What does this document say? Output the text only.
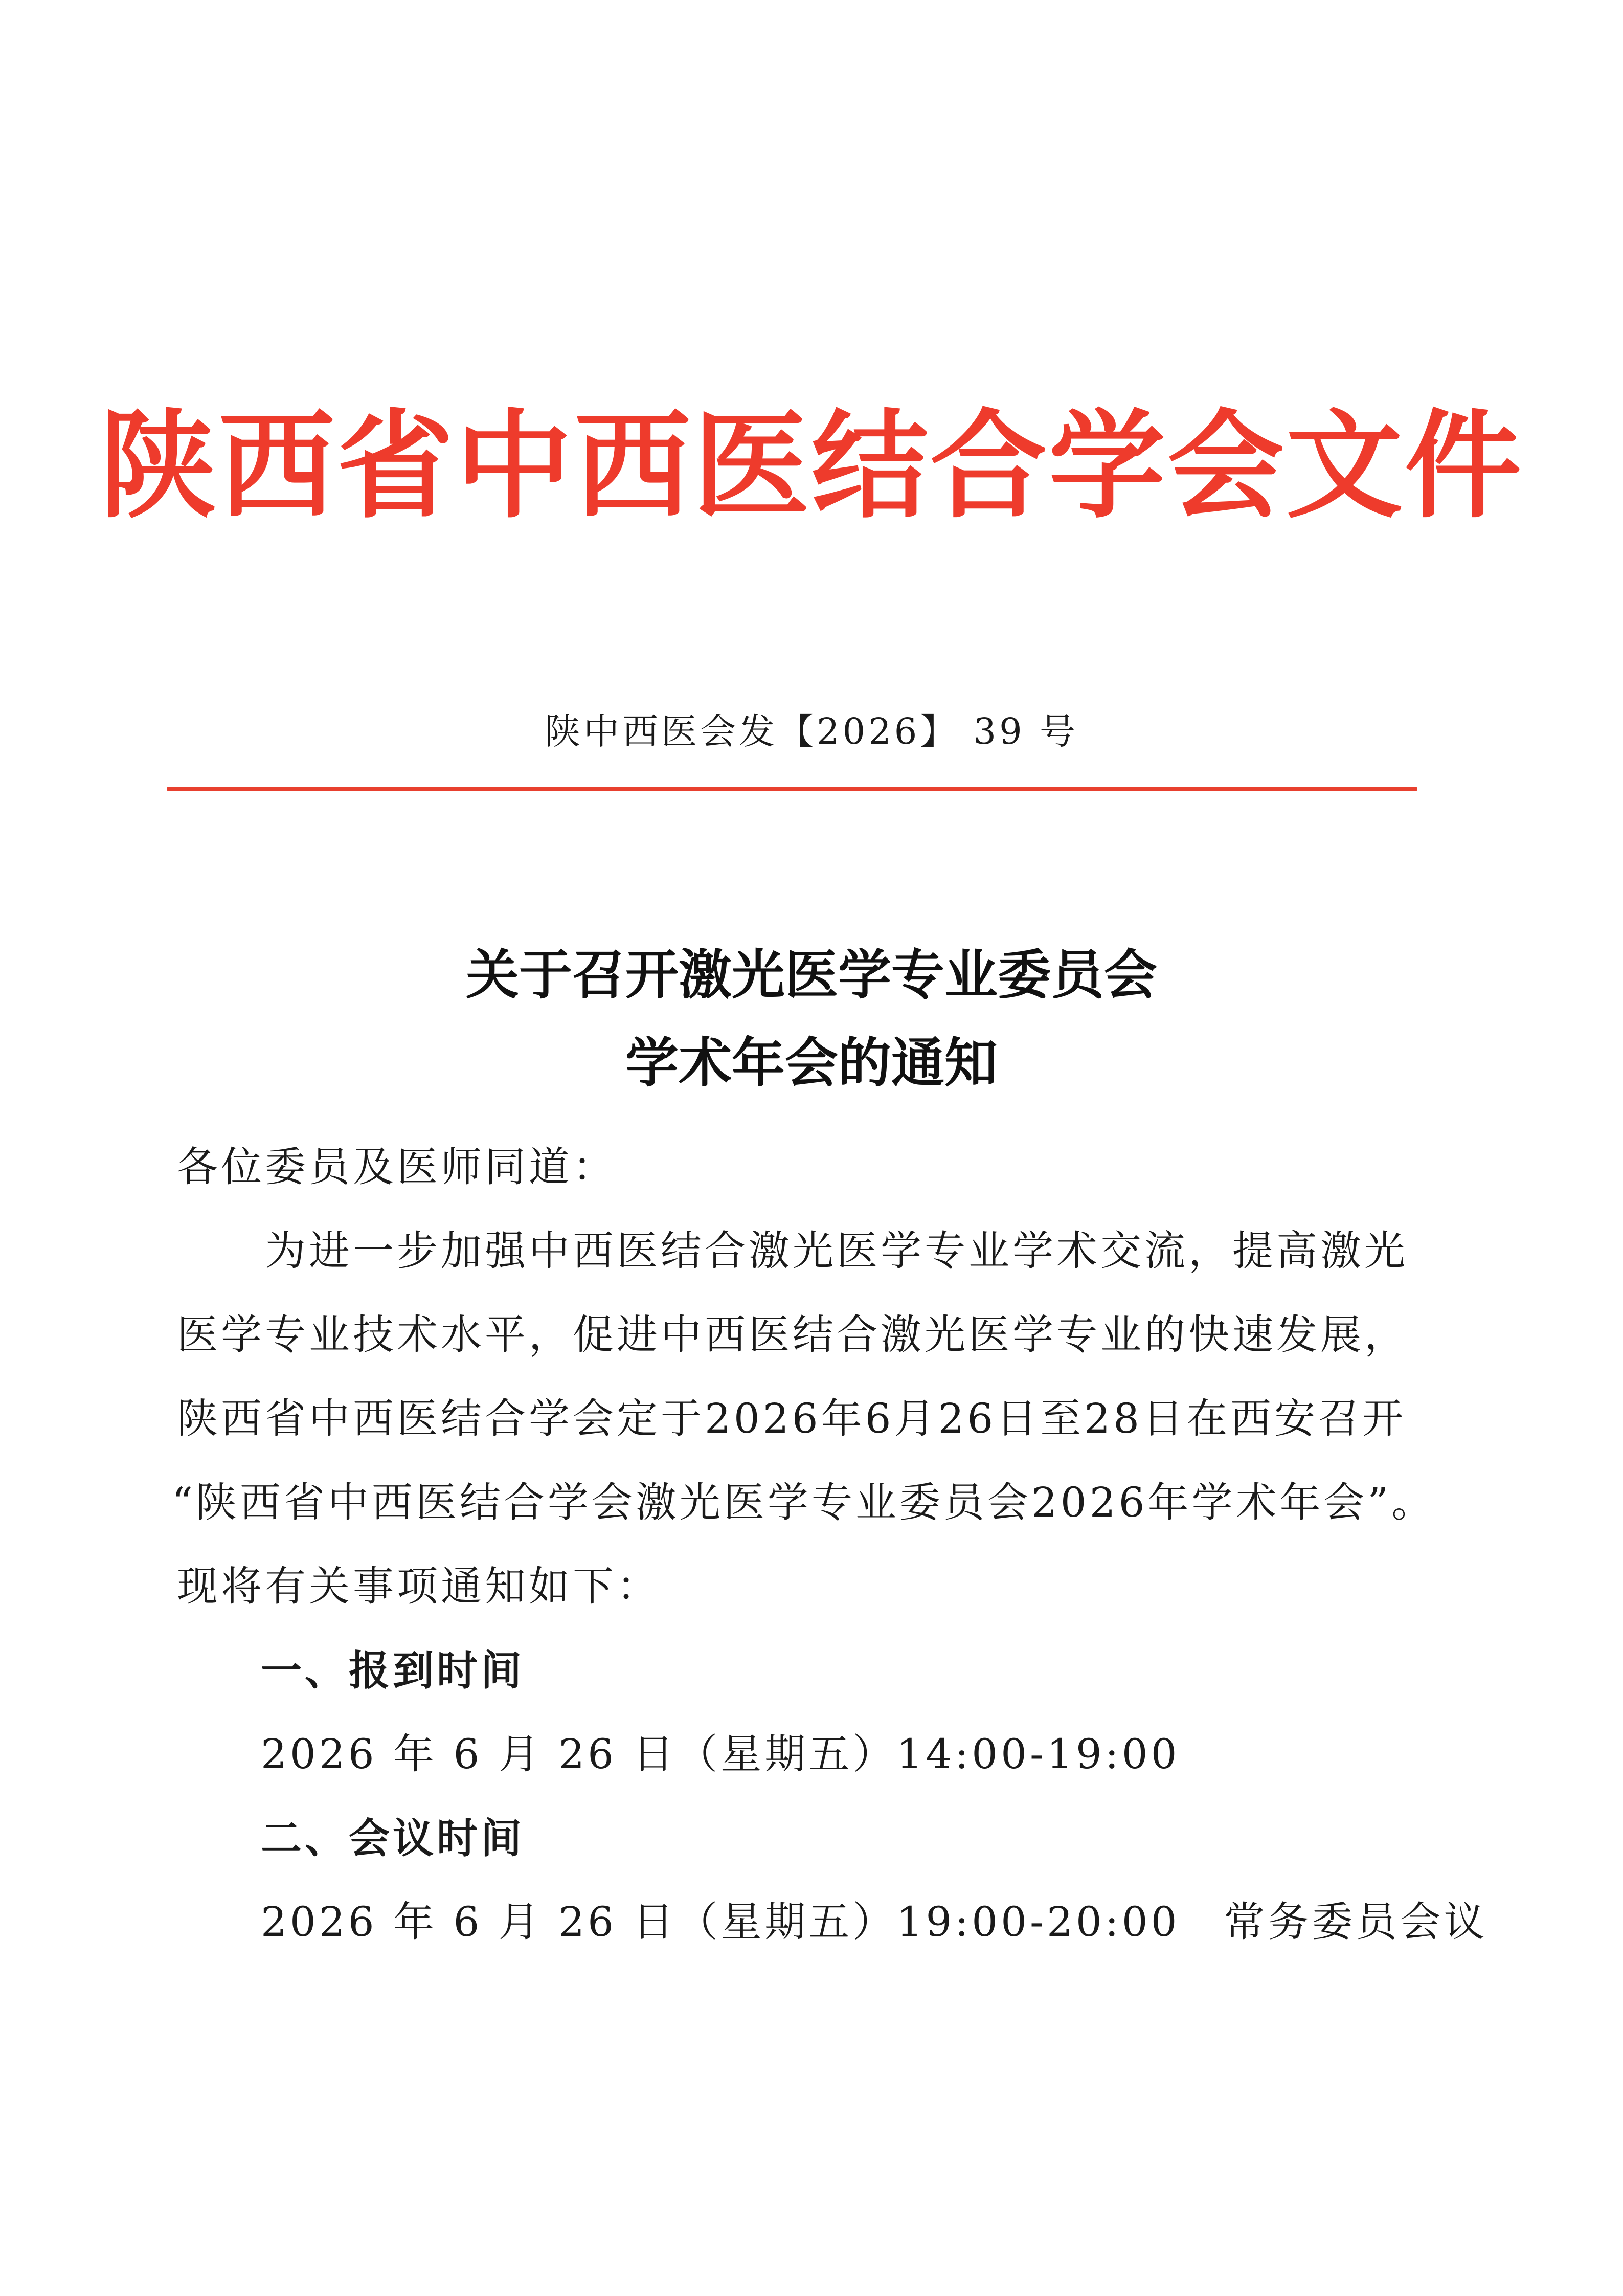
陕西省中西医结合学会文件
陕中西医会发【2026】 39 号
关于召开激光医学专业委员会
学术年会的通知
各位委员及医师同道：
为进一步加强中西医结合激光医学专业学术交流，提高激光
医学专业技术水平，促进中西医结合激光医学专业的快速发展，
陕西省中西医结合学会定于2026年6月26日至28日在西安召开
“陕西省中西医结合学会激光医学专业委员会2026年学术年会”。
现将有关事项通知如下：
一、报到时间
2026 年 6 月 26 日（星期五）14:00-19:00
二、会议时间
2026 年 6 月 26 日（星期五）19:00-20:00　常务委员会议
